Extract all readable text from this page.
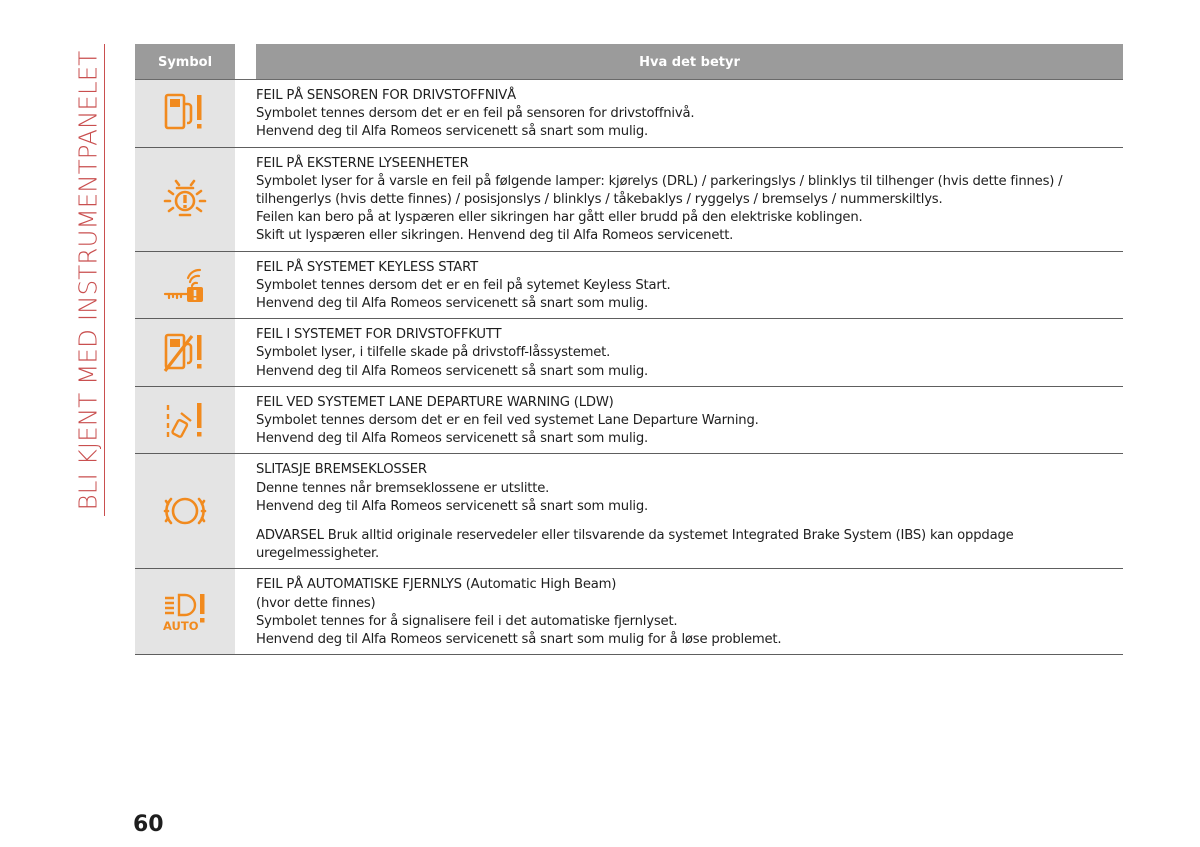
BLI KJENT MED INSTRUMENTPANELET	Symbol	Hva det betyr
FEIL PÅ SENSOREN FOR DRIVSTOFFNIVÅ
Symbolet tennes dersom det er en feil på sensoren for drivstoffnivå.
Henvend deg til Alfa Romeos servicenett så snart som mulig.
FEIL PÅ EKSTERNE LYSEENHETER
Symbolet lyser for å varsle en feil på følgende lamper: kjørelys (DRL) / parkeringslys / blinklys til tilhenger (hvis dette finnes) /
tilhengerlys (hvis dette finnes) / posisjonslys / blinklys / tåkebaklys / ryggelys / bremselys / nummerskiltlys.
Feilen kan bero på at lyspæren eller sikringen har gått eller brudd på den elektriske koblingen.
Skift ut lyspæren eller sikringen. Henvend deg til Alfa Romeos servicenett.
FEIL PÅ SYSTEMET KEYLESS START
Symbolet tennes dersom det er en feil på sytemet Keyless Start.
Henvend deg til Alfa Romeos servicenett så snart som mulig.
FEIL I SYSTEMET FOR DRIVSTOFFKUTT
Symbolet lyser, i tilfelle skade på drivstoff-låssystemet.
Henvend deg til Alfa Romeos servicenett så snart som mulig.
FEIL VED SYSTEMET LANE DEPARTURE WARNING (LDW)
Symbolet tennes dersom det er en feil ved systemet Lane Departure Warning.
Henvend deg til Alfa Romeos servicenett så snart som mulig.
SLITASJE BREMSEKLOSSER
Denne tennes når bremseklossene er utslitte.
Henvend deg til Alfa Romeos servicenett så snart som mulig.
ADVARSEL Bruk alltid originale reservedeler eller tilsvarende da systemet Integrated Brake System (IBS) kan oppdage uregelmessigheter.
AUTO
FEIL PÅ AUTOMATISKE FJERNLYS (Automatic High Beam)
(hvor dette finnes)
Symbolet tennes for å signalisere feil i det automatiske fjernlyset.
Henvend deg til Alfa Romeos servicenett så snart som mulig for å løse problemet.
60
